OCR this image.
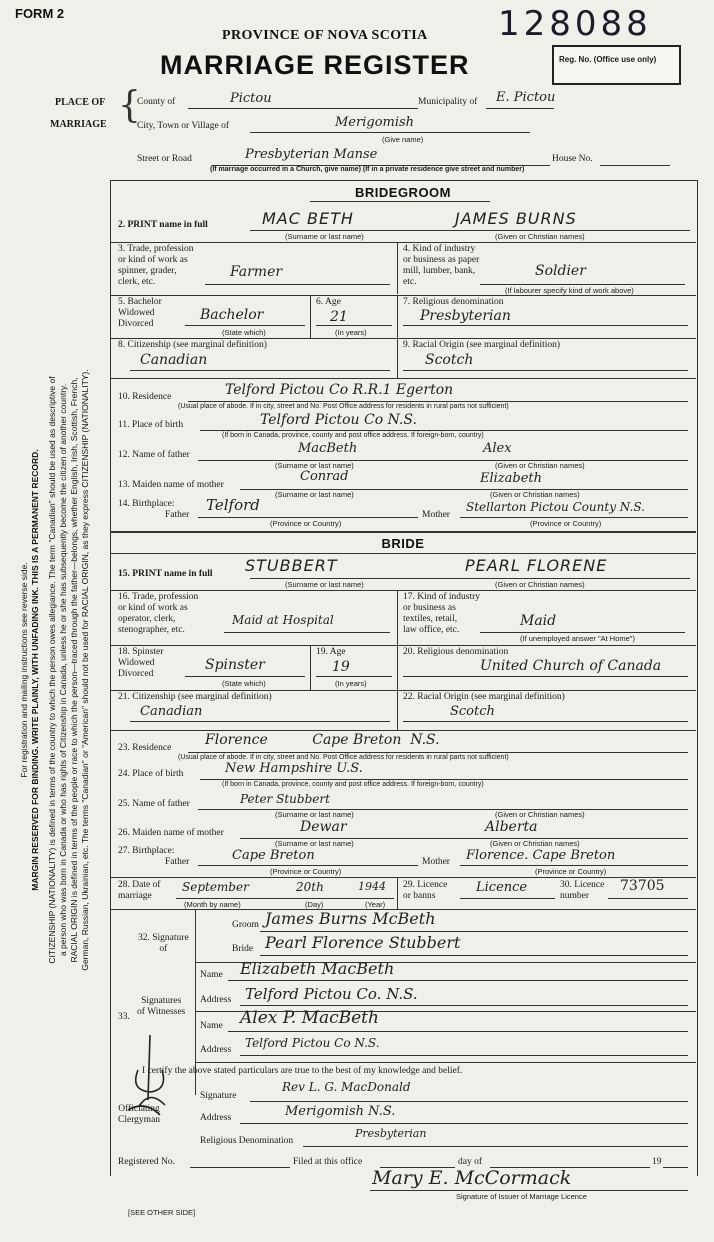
FORM 2
PROVINCE OF NOVA SCOTIA
MARRIAGE REGISTER
128088
Reg. No. (Office use only)
PLACE OF
MARRIAGE {
County of	Pictou	Municipality of E. Pictou
City, Town or Village of	Merigomish
(Give name)
Street or Road	Presbyterian Manse	House No.
(If marriage occurred in a Church, give name) (If in a private residence give street and number)
For registration and mailing instructions see reverse side. MARGIN RESERVED FOR BINDING. WRITE PLAINLY, WITH UNFADING INK. THIS IS A PERMANENT RECORD. CITIZENSHIP (NATIONALITY) is defined in terms of the country to which the person owes allegiance. The term "Canadian" should be used as descriptive of a person who was born in Canada or who has rights of Citizenship in Canada, unless he or she has subsequently become the citizen of another country. RACIAL ORIGIN is defined in terms of the people or race to which the person—traced through the father—belongs, whether English, Irish, Scottish, French, German, Russian, Ukrainian, etc. The terms "Canadian" or "American" should not be used for RACIAL ORIGIN, as they express CITIZENSHIP (NATIONALITY).
BRIDEGROOM
2. PRINT name in full	MAC BETH	JAMES BURNS
(Surname or last name)	(Given or Christian names)
3. Trade, profession
or kind of work as
spinner, grader,
clerk, etc.
Farmer
4. Kind of industry
or business as paper
mill, lumber, bank,
etc.
Soldier
(If labourer specify kind of work above)
5. Bachelor
Widowed
Divorced
Bachelor
(State which)
6. Age
21
(In years)
7. Religious denomination
Presbyterian
8. Citizenship (see marginal definition)
Canadian
9. Racial Origin (see marginal definition)
Scotch
10. Residence	Telford Pictou Co R.R.1 Egerton
(Usual place of abode. If in city, street and No. Post Office address for residents in rural parts not sufficient)
11. Place of birth	Telford Pictou Co N.S.
(If born in Canada, province, county and post office address. If foreign-born, country)
12. Name of father	MacBeth	Alex
(Surname or last name)	(Given or Christian names)
13. Maiden name of mother
Conrad	Elizabeth
(Surname or last name)	(Given or Christian names)
14. Birthplace:
Father
Telford
Mother
Stellarton Pictou County N.S.
(Province or Country)	(Province or Country)
BRIDE
15. PRINT name in full STUBBERT	PEARL FLORENE
(Surname or last name)	(Given or Christian names)
16. Trade, profession
or kind of work as
operator, clerk,
stenographer, etc.
Maid at Hospital
17. Kind of industry
or business as
textiles, retail,
law office, etc.
Maid
(If unemployed answer "At Home")
18. Spinster
Widowed
Divorced
Spinster
(State which)
19. Age
19
(In years)
20. Religious denomination
United Church of Canada
21. Citizenship (see marginal definition)
Canadian
22. Racial Origin (see marginal definition)
Scotch
23. Residence Florence          Cape Breton  N.S.
(Usual place of abode. If in city, street and No. Post Office address for residents in rural parts not sufficient)
24. Place of birth	New Hampshire U.S.
(If born in Canada, province, county and post office address. If foreign-born, country)
25. Name of father	Peter Stubbert
(Surname or last name)	(Given or Christian names)
26. Maiden name of mother	Dewar	Alberta
(Surname or last name)	(Given or Christian names)
27. Birthplace:
Father	Cape Breton	Mother Florence. Cape Breton
(Province or Country)	(Province or Country)
28. Date of
marriage
September	20th	1944
(Month by name)	(Day)	(Year)
29. Licence
or banns
Licence	30. Licence
number
73705
32. Signature
of
Groom James Burns McBeth
Bride Pearl Florence Stubbert
33.
Signatures
of Witnesses
Name Elizabeth MacBeth
Address Telford Pictou Co. N.S.
Name Alex P. MacBeth
Address Telford Pictou Co N.S.
I certify the above stated particulars are true to the best of my knowledge and belief.
Officiating
Clergyman
Signature
Rev L. G. MacDonald
Address	Merigomish N.S.
Religious Denomination
Presbyterian
Registered No.	Filed at this office	day of	19
Mary E. McCormack
Signature of Issuer of Marriage Licence
[SEE OTHER SIDE]
